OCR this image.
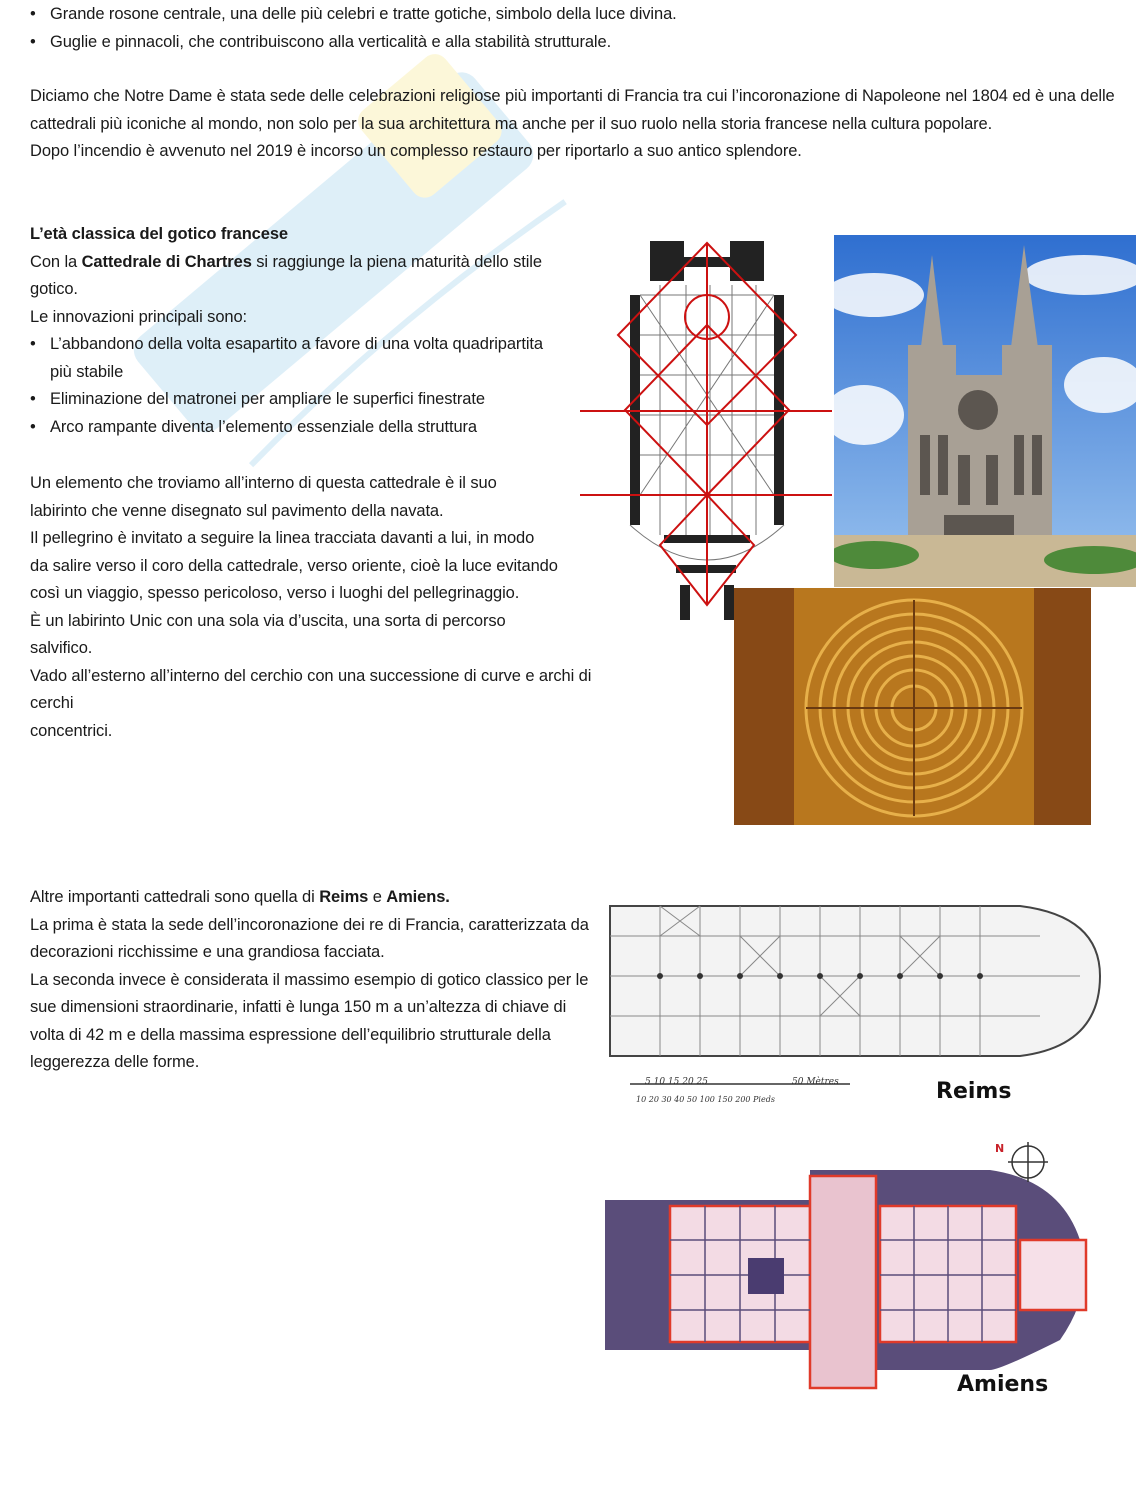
• Grande rosone centrale, una delle più celebri e tratte gotiche, simbolo della luce divina.
• Guglie e pinnacoli, che contribuiscono alla verticalità e alla stabilità strutturale.
Diciamo che Notre Dame è stata sede delle celebrazioni religiose più importanti di Francia tra cui l’incoronazione di Napoleone nel 1804 ed è una delle
cattedrali più iconiche al mondo, non solo per la sua architettura ma anche per il suo ruolo nella storia francese nella cultura popolare.
Dopo l’incendio è avvenuto nel 2019 è incorso un complesso restauro per riportarlo a suo antico splendore.
L’età classica del gotico francese
Con la Cattedrale di Chartres si raggiunge la piena maturità dello stile
gotico.
Le innovazioni principali sono:
• L’abbandono della volta esapartito a favore di una volta quadripartita
più stabile
• Eliminazione del matronei per ampliare le superfici finestrate
• Arco rampante diventa l’elemento essenziale della struttura
Un elemento che troviamo all’interno di questa cattedrale è il suo
labirinto che venne disegnato sul pavimento della navata.
Il pellegrino è invitato a seguire la linea tracciata davanti a lui, in modo
da salire verso il coro della cattedrale, verso oriente, cioè la luce evitando
così un viaggio, spesso pericoloso, verso i luoghi del pellegrinaggio.
È un labirinto Unic con una sola via d’uscita, una sorta di percorso
salvifico.
Vado all’esterno all’interno del cerchio con una successione di curve e archi di cerchi
concentrici.
Altre importanti cattedrali sono quella di Reims e Amiens.
La prima è stata la sede dell’incoronazione dei re di Francia, caratterizzata da
decorazioni ricchissime e una grandiosa facciata.
La seconda invece è considerata il massimo esempio di gotico classico per le
sue dimensioni straordinarie, infatti è lunga 150 m a un’altezza di chiave di
volta di 42 m e della massima espressione dell’equilibrio strutturale della
leggerezza delle forme.
5 10 15 20 25	50 Mètres
10 20 30 40 50 100 150 200 Pieds	Reims
N
Amiens
